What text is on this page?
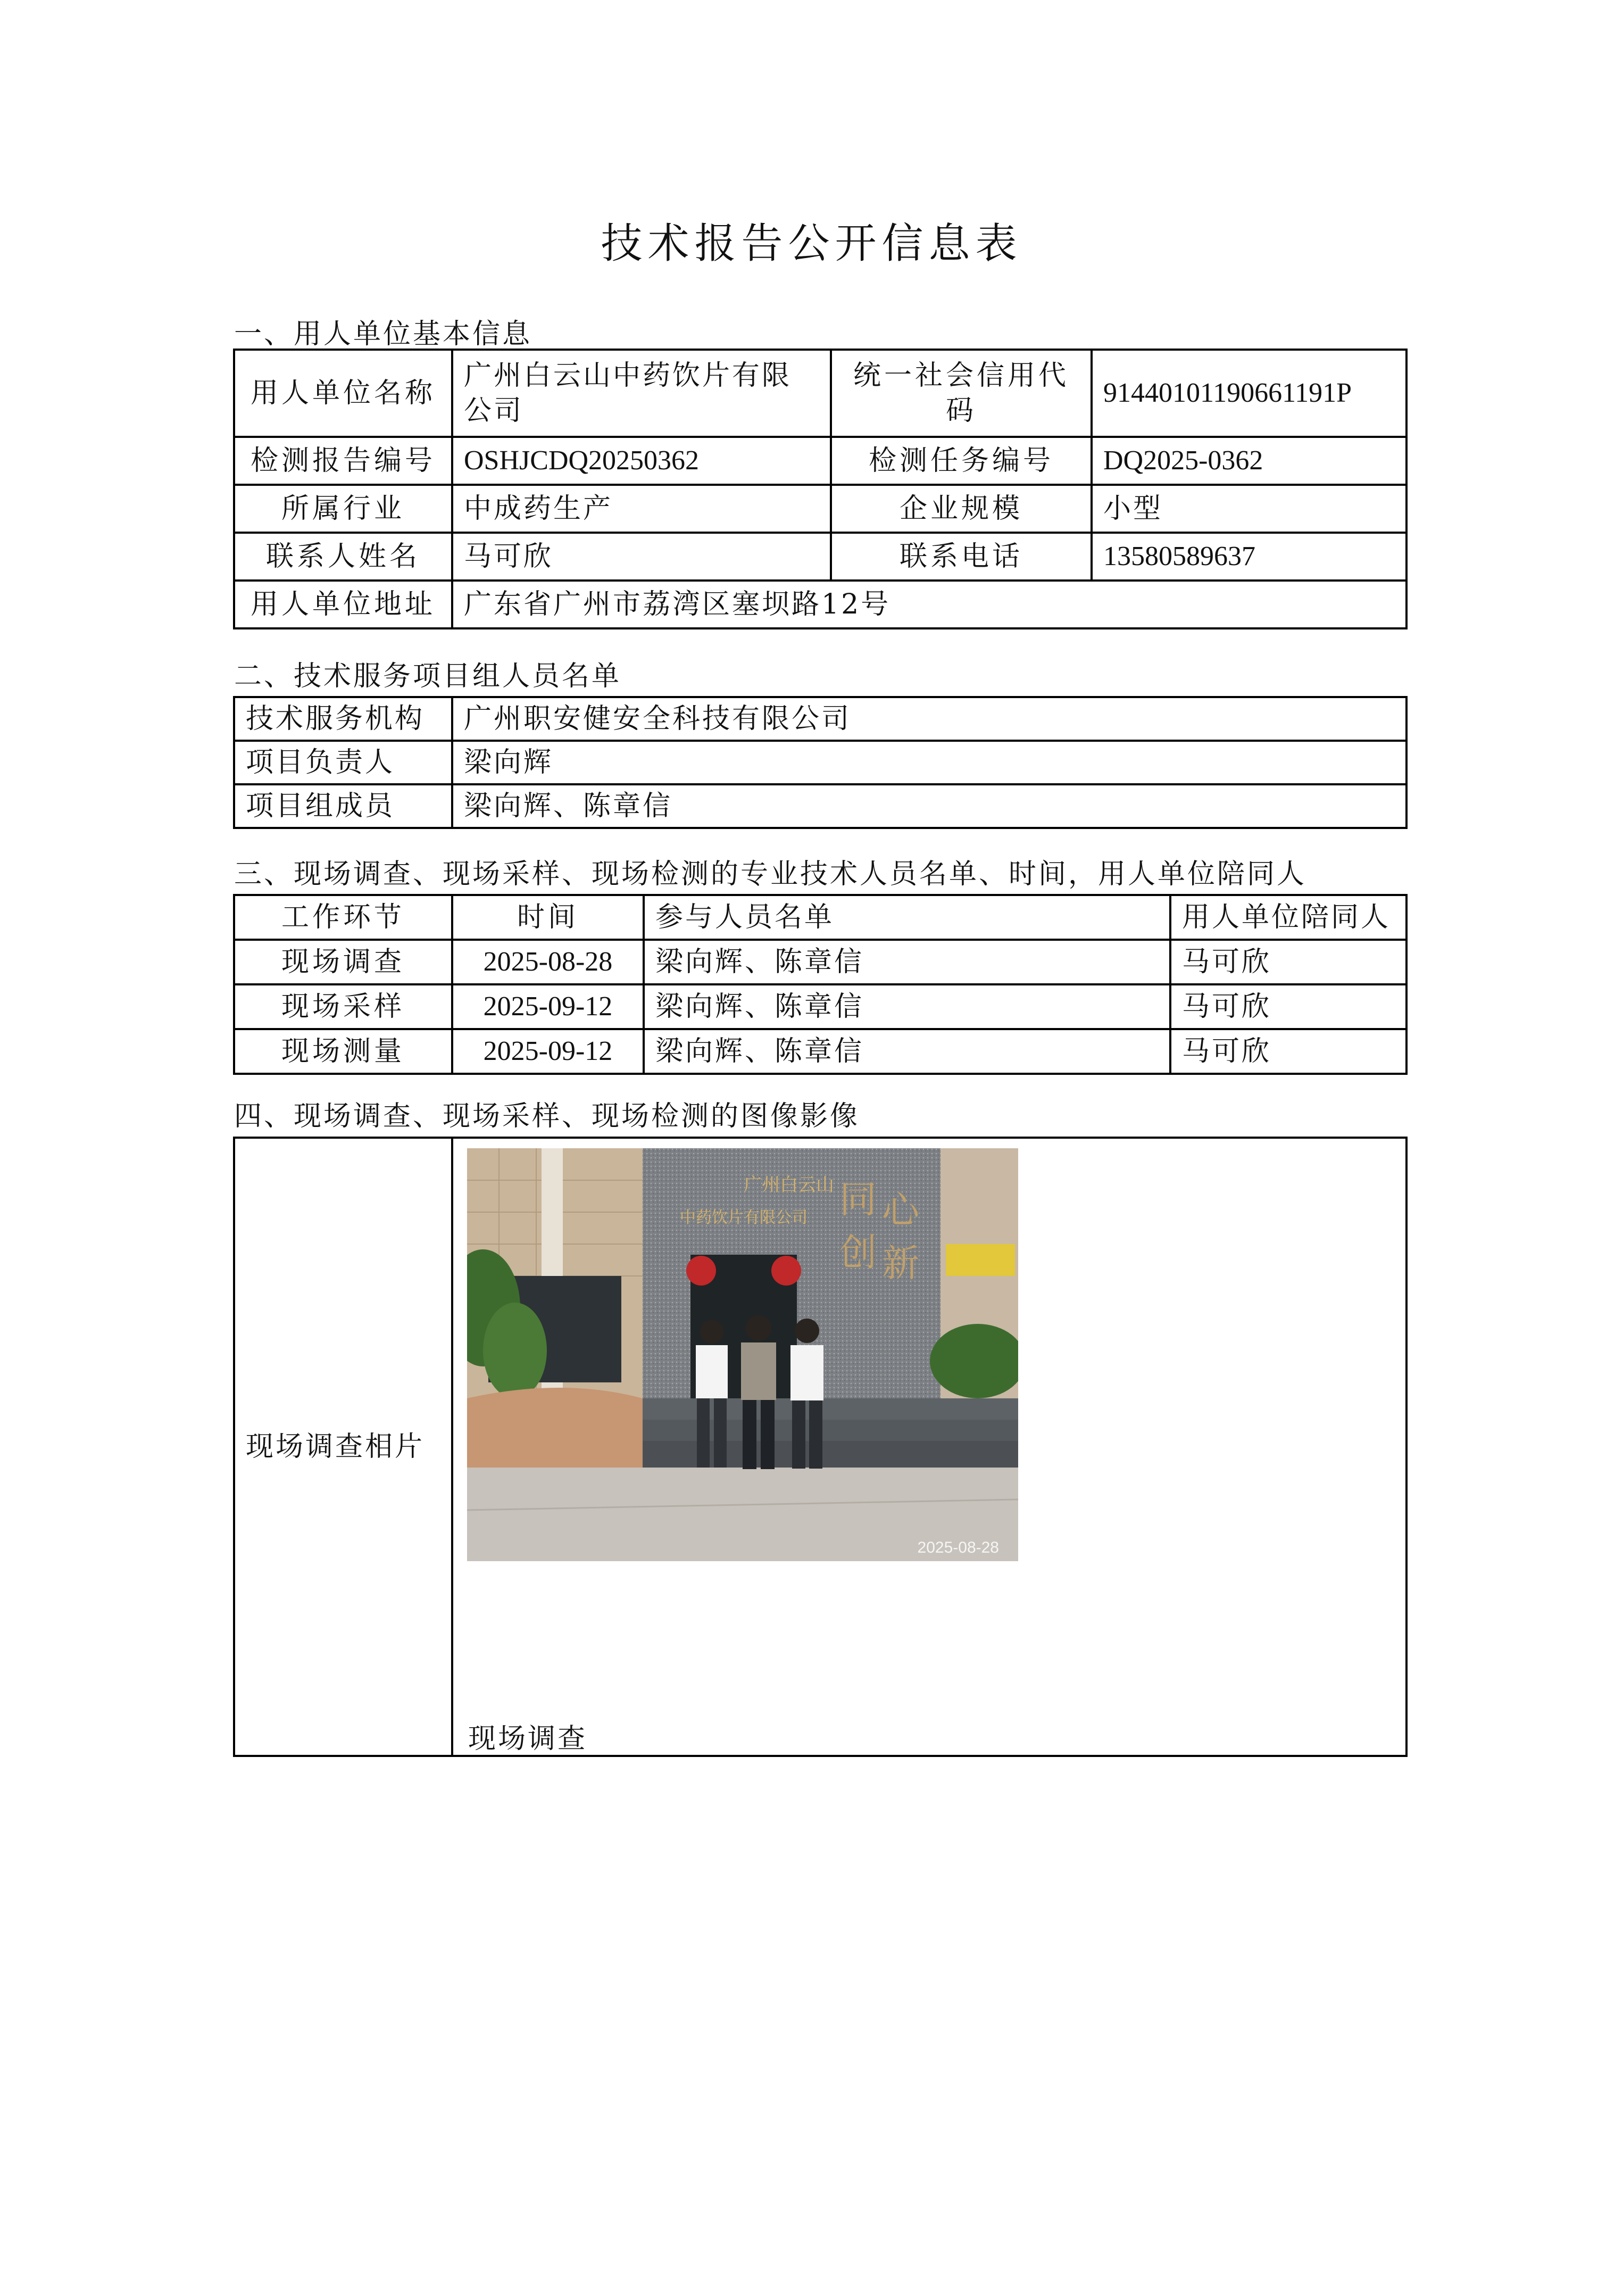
技术报告公开信息表
一、用人单位基本信息
用人单位名称	广州白云山中药饮片有限公司	统一社会信用代码	91440101190661191P
检测报告编号	OSHJCDQ20250362	检测任务编号	DQ2025-0362
所属行业	中成药生产	企业规模	小型
联系人姓名	马可欣	联系电话	13580589637
用人单位地址	广东省广州市荔湾区塞坝路12号		
二、技术服务项目组人员名单
技术服务机构	广州职安健安全科技有限公司
项目负责人	梁向辉
项目组成员	梁向辉、陈章信
三、现场调查、现场采样、现场检测的专业技术人员名单、时间，用人单位陪同人
工作环节	时间	参与人员名单	用人单位陪同人
现场调查	2025-08-28	梁向辉、陈章信	马可欣
现场采样	2025-09-12	梁向辉、陈章信	马可欣
现场测量	2025-09-12	梁向辉、陈章信	马可欣
四、现场调查、现场采样、现场检测的图像影像
现场调查相片	
广州白云山
中药饮片有限公司 同 心
创 新
2025-08-28
现场调查
